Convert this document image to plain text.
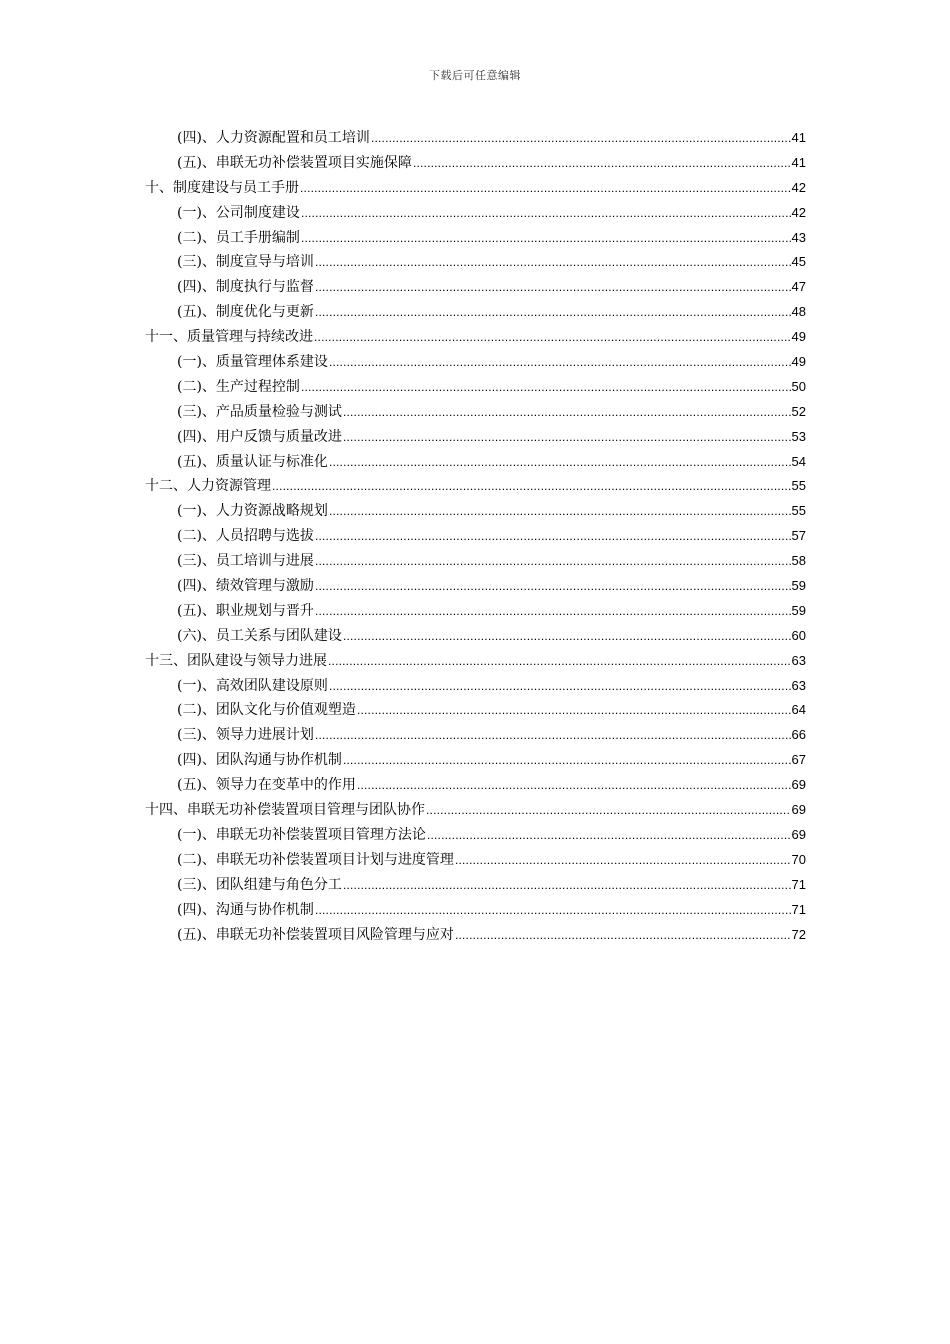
下载后可任意编辑
(四)、人力资源配置和员工培训 .....	41
(五)、串联无功补偿装置项目实施保障 .....	41
十、制度建设与员工手册 .....	42
(一)、公司制度建设 .....	42
(二)、员工手册编制 .....	43
(三)、制度宣导与培训 .....	45
(四)、制度执行与监督 .....	47
(五)、制度优化与更新 .....	48
十一、质量管理与持续改进 .....	49
(一)、质量管理体系建设 .....	49
(二)、生产过程控制 .....	50
(三)、产品质量检验与测试 .....	52
(四)、用户反馈与质量改进 .....	53
(五)、质量认证与标准化 .....	54
十二、人力资源管理 .....	55
(一)、人力资源战略规划 .....	55
(二)、人员招聘与选拔 .....	57
(三)、员工培训与进展 .....	58
(四)、绩效管理与激励 .....	59
(五)、职业规划与晋升 .....	59
(六)、员工关系与团队建设 .....	60
十三、团队建设与领导力进展 .....	63
(一)、高效团队建设原则 .....	63
(二)、团队文化与价值观塑造 .....	64
(三)、领导力进展计划 .....	66
(四)、团队沟通与协作机制 .....	67
(五)、领导力在变革中的作用 .....	69
十四、串联无功补偿装置项目管理与团队协作 .....	69
(一)、串联无功补偿装置项目管理方法论 .....	69
(二)、串联无功补偿装置项目计划与进度管理 .....	70
(三)、团队组建与角色分工 .....	71
(四)、沟通与协作机制 .....	71
(五)、串联无功补偿装置项目风险管理与应对 .....	72
